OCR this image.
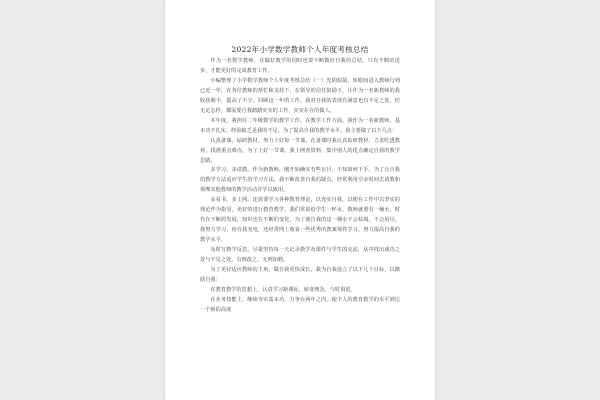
2022年小学数学教师个人年度考核总结

作为一名数学教师，在做好教学的同时也要不断做好自我的总结，只有不断的进步，才能更好的完成教育工作。

小编整理了小学数学教师个人年度考核总结（一）光阴似箭，转眼间进入教师行列已近一年，在各位教师的帮忙和支持下，在领导的信任鼓励下，让作为一名新教师的我收获颇丰，提高了不少。回顾这一年的工作，我对自我的表现有满意也有不足之处，但无论怎样，都需要自我踏踏实实的工作，实实在在的做人。

本年度，我担任二年级数学的教学工作。在教学工作方面，我作为一名新教师，基本功不扎实，经验缺乏是我的不足。为了提高自我的教学水平，我主要做了以下几点：

认真备课，钻研教材。努力上好每一节课。在备课时我认真钻研教材，力求吃透教材，找准重点难点。为了上好一节课，我上网查资料，集中别人的优点确定自我的教学思路。

多学习，多请教。作为新教师，刚开始确实有些盲目，不知如何下手。为了让自我的教学方法适应学生的学习方法，我不断改善自我的缺点，经常利用空余时间去请教和观摩其他教师的教学活动并学以致用。

多看书，多上网。还需要学习各种教育理论，以充实自我，以便在工作中以坚实的理论作为指导，更好的进行教育教学。我们常说给学生一杯水，教师就要有一桶水，时代在不断的发展，知识也在不断的变化，为了使自我的这一桶水不会枯竭，不会用尽，我努力学习，给自我充电，还经常网上收看一些优秀的教案课件学习，努力提高自我的教学水平。

及时写教学反思。尽量坚持每一天记录教学及课件与学生的交流，从中找出成功之处与不足之处，有则改之，无则加勉。

为了更好适应教师的主角，做自我更快成长，我为自我设立了以下几个目标，以激励自我：

在教育教学的思想上，认真学习新课标，转变理念，与时俱进。

在业务技能上，继续夯实基本功，力争在两年之内，使个人的教育教学的水平到达一个新的高度
